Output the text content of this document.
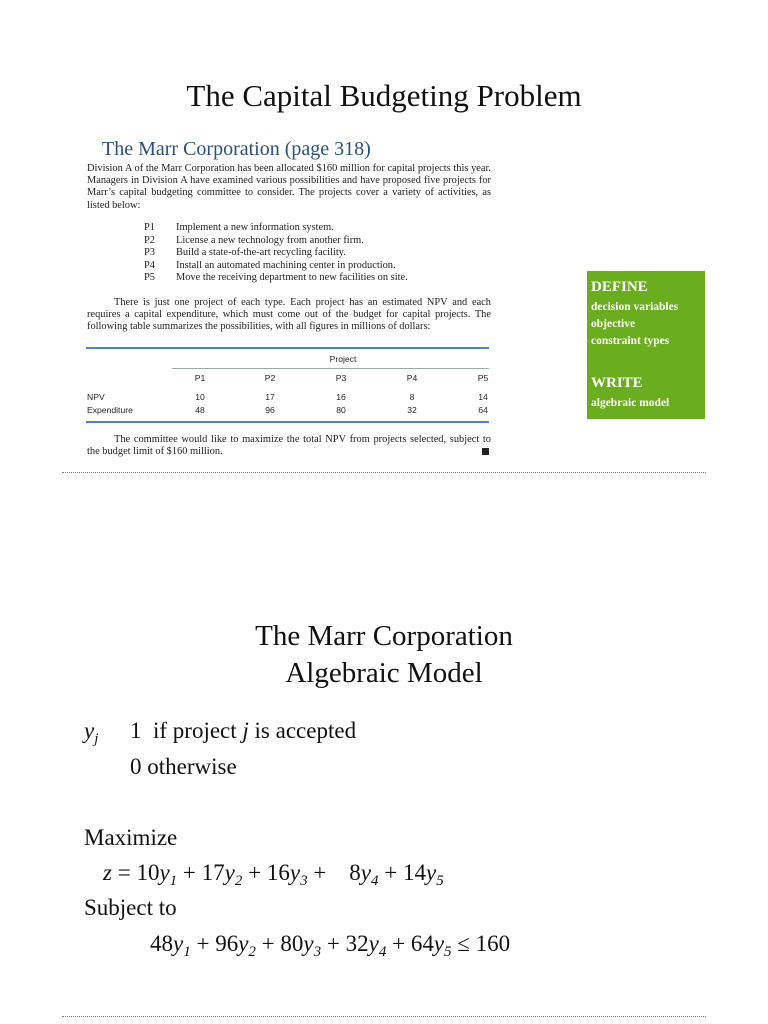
The Capital Budgeting Problem
The Marr Corporation (page 318)
Division A of the Marr Corporation has been allocated $160 million for capital projects this year. Managers in Division A have examined various possibilities and have proposed five projects for Marr’s capital budgeting committee to consider. The projects cover a variety of activities, as listed below:
P1	Implement a new information system.
P2	License a new technology from another firm.
P3	Build a state-of-the-art recycling facility.
P4	Install an automated machining center in production.
P5	Move the receiving department to new facilities on site.
There is just one project of each type. Each project has an estimated NPV and each requires a capital expenditure, which must come out of the budget for capital projects. The following table summarizes the possibilities, with all figures in millions of dollars:
Project
P1	P2	P3	P4	P5
NPV	10	17	16	8	14
Expenditure	48	96	80	32	64
The committee would like to maximize the total NPV from projects selected, subject to the budget limit of $160 million.
DEFINE
decision variables
objective
constraint types
WRITE
algebraic model
The Marr Corporation
Algebraic Model
$y_j$ 1  if project j is accepted
0 otherwise
Maximize
$z = 10y_1 + 17y_2 + 16y_3$ +    $8y_4 + 14y_5$
Subject to
$48y_1 + 96y_2 + 80y_3 + 32y_4 + 64y_5 \le 160$
